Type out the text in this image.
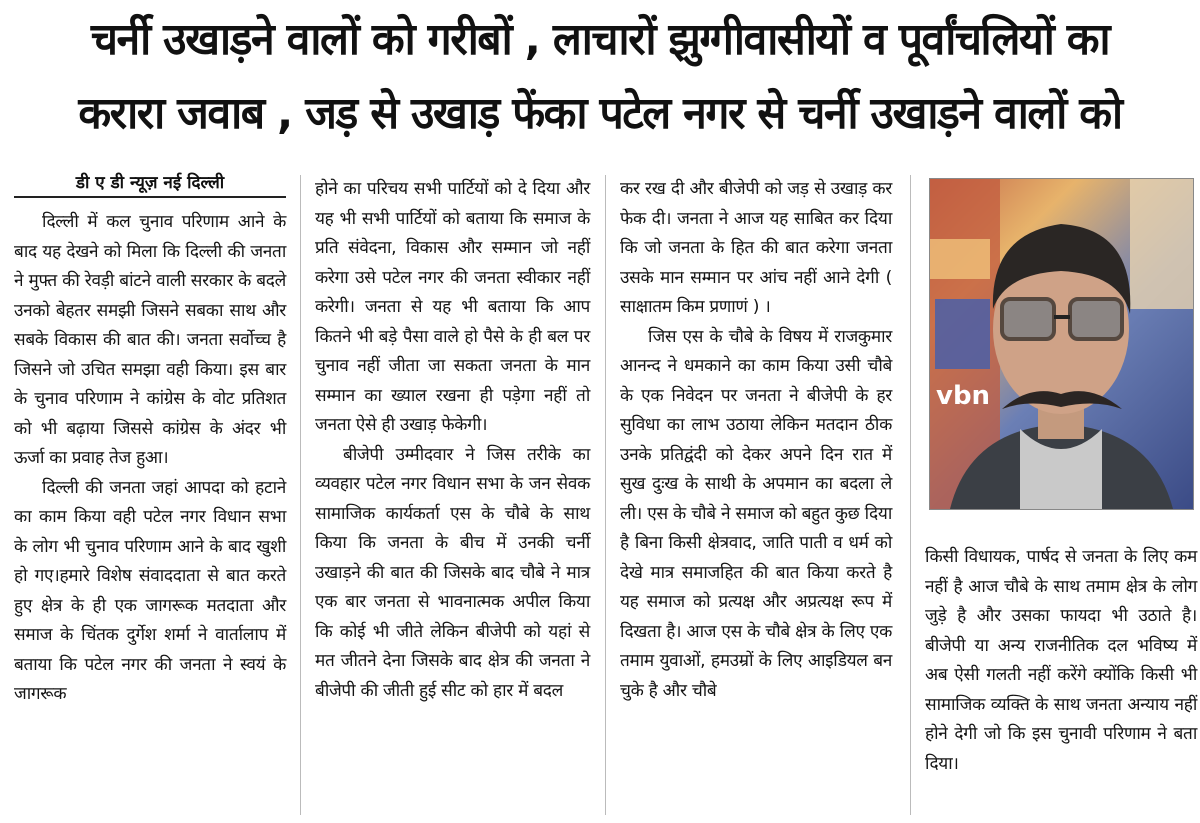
चर्नी उखाड़ने वालों को गरीबों , लाचारों झुग्गीवासीयों व पूर्वांचलियों का
करारा जवाब , जड़ से उखाड़ फेंका पटेल नगर से चर्नी उखाड़ने वालों को
डी ए डी न्यूज़ नई दिल्ली

दिल्ली में कल चुनाव परिणाम आने के बाद यह देखने को मिला कि दिल्ली की जनता ने मुफ्त की रेवड़ी बांटने वाली सरकार के बदले उनको बेहतर समझी जिसने सबका साथ और सबके विकास की बात की। जनता सर्वोच्च है जिसने जो उचित समझा वही किया। इस बार के चुनाव परिणाम ने कांग्रेस के वोट प्रतिशत को भी बढ़ाया जिससे कांग्रेस के अंदर भी ऊर्जा का प्रवाह तेज हुआ।

दिल्ली की जनता जहां आपदा को हटाने का काम किया वही पटेल नगर विधान सभा के लोग भी चुनाव परिणाम आने के बाद खुशी हो गए।हमारे विशेष संवाददाता से बात करते हुए क्षेत्र के ही एक जागरूक मतदाता और समाज के चिंतक दुर्गेश शर्मा ने वार्तालाप में बताया कि पटेल नगर की जनता ने स्वयं के जागरूक

होने का परिचय सभी पार्टियों को दे दिया और यह भी सभी पार्टियों को बताया कि समाज के प्रति संवेदना, विकास और सम्मान जो नहीं करेगा उसे पटेल नगर की जनता स्वीकार नहीं करेगी। जनता से यह भी बताया कि आप कितने भी बड़े पैसा वाले हो पैसे के ही बल पर चुनाव नहीं जीता जा सकता जनता के मान सम्मान का ख्याल रखना ही पड़ेगा नहीं तो जनता ऐसे ही उखाड़ फेकेगी।

बीजेपी उम्मीदवार ने जिस तरीके का व्यवहार पटेल नगर विधान सभा के जन सेवक सामाजिक कार्यकर्ता एस के चौबे के साथ किया कि जनता के बीच में उनकी चर्नी उखाड़ने की बात की जिसके बाद चौबे ने मात्र एक बार जनता से भावनात्मक अपील किया कि कोई भी जीते लेकिन बीजेपी को यहां से मत जीतने देना जिसके बाद क्षेत्र की जनता ने बीजेपी की जीती हुई सीट को हार में बदल

कर रख दी और बीजेपी को जड़ से उखाड़ कर फेक दी। जनता ने आज यह साबित कर दिया कि जो जनता के हित की बात करेगा जनता उसके मान सम्मान पर आंच नहीं आने देगी ( साक्षातम किम प्रणाणं ) ।

जिस एस के चौबे के विषय में राजकुमार आनन्द ने धमकाने का काम किया उसी चौबे के एक निवेदन पर जनता ने बीजेपी के हर सुविधा का लाभ उठाया लेकिन मतदान ठीक उनके प्रतिद्वंदी को देकर अपने दिन रात में सुख दुःख के साथी के अपमान का बदला ले ली। एस के चौबे ने समाज को बहुत कुछ दिया है बिना किसी क्षेत्रवाद, जाति पाती व धर्म को देखे मात्र समाजहित की बात किया करते है यह समाज को प्रत्यक्ष और अप्रत्यक्ष रूप में दिखता है। आज एस के चौबे क्षेत्र के लिए एक तमाम युवाओं, हमउम्रों के लिए आइडियल बन चुके है और चौबे

vbn

किसी विधायक, पार्षद से जनता के लिए कम नहीं है आज चौबे के साथ तमाम क्षेत्र के लोग जुड़े है और उसका फायदा भी उठाते है। बीजेपी या अन्य राजनीतिक दल भविष्य में अब ऐसी गलती नहीं करेंगे क्योंकि किसी भी सामाजिक व्यक्ति के साथ जनता अन्याय नहीं होने देगी जो कि इस चुनावी परिणाम ने बता दिया।
